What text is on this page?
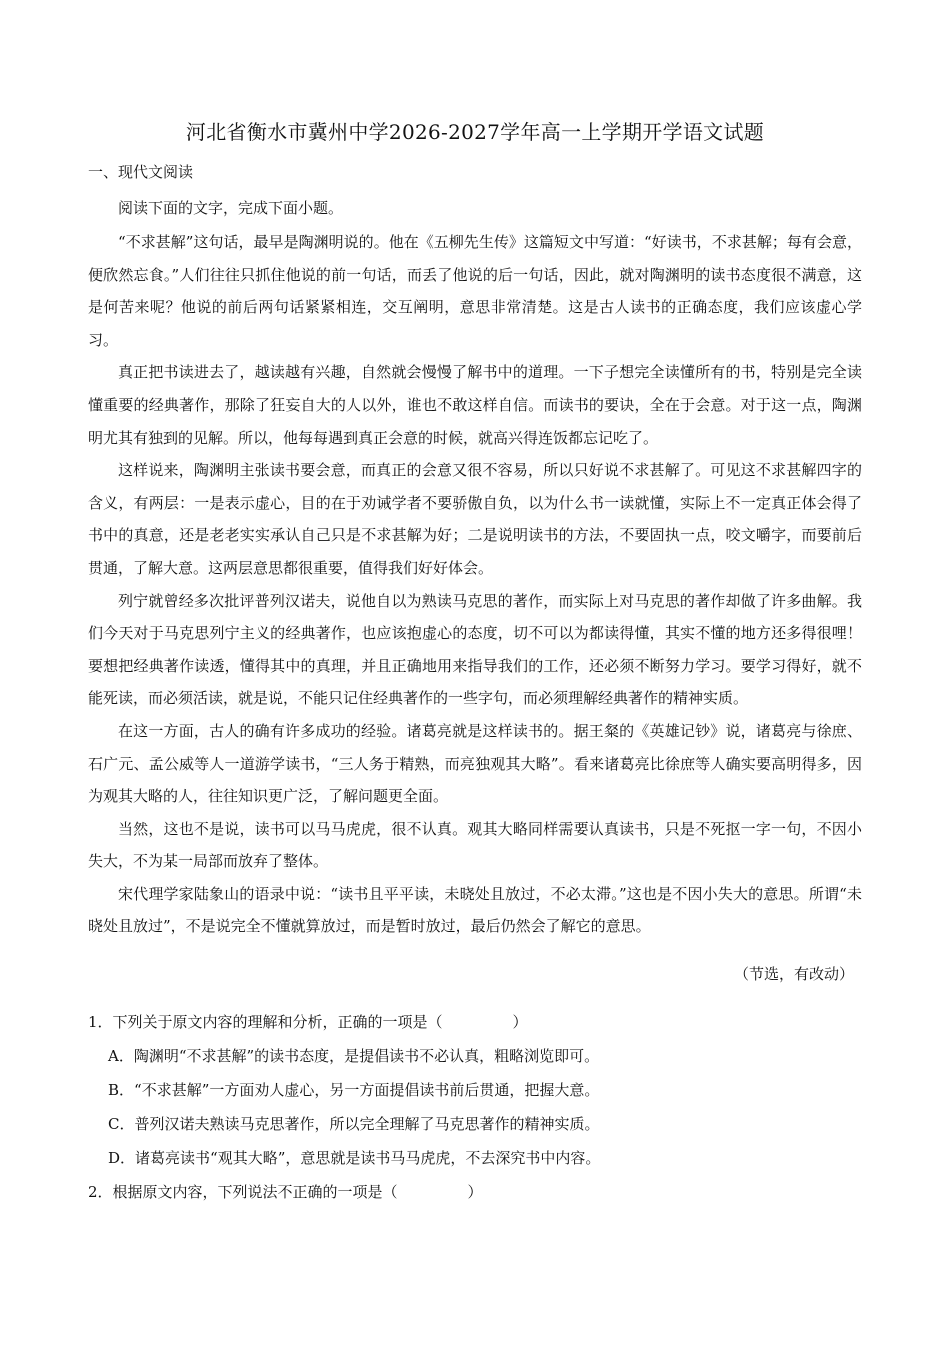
河北省衡水市冀州中学2026-2027学年高一上学期开学语文试题

一、现代文阅读

阅读下面的文字，完成下面小题。

“不求甚解”这句话，最早是陶渊明说的。他在《五柳先生传》这篇短文中写道：“好读书，不求甚解；每有会意，便欣然忘食。”人们往往只抓住他说的前一句话，而丢了他说的后一句话，因此，就对陶渊明的读书态度很不满意，这是何苦来呢？他说的前后两句话紧紧相连，交互阐明，意思非常清楚。这是古人读书的正确态度，我们应该虚心学习。

真正把书读进去了，越读越有兴趣，自然就会慢慢了解书中的道理。一下子想完全读懂所有的书，特别是完全读懂重要的经典著作，那除了狂妄自大的人以外，谁也不敢这样自信。而读书的要诀，全在于会意。对于这一点，陶渊明尤其有独到的见解。所以，他每每遇到真正会意的时候，就高兴得连饭都忘记吃了。

这样说来，陶渊明主张读书要会意，而真正的会意又很不容易，所以只好说不求甚解了。可见这不求甚解四字的含义，有两层：一是表示虚心，目的在于劝诫学者不要骄傲自负，以为什么书一读就懂，实际上不一定真正体会得了书中的真意，还是老老实实承认自己只是不求甚解为好；二是说明读书的方法，不要固执一点，咬文嚼字，而要前后贯通，了解大意。这两层意思都很重要，值得我们好好体会。

列宁就曾经多次批评普列汉诺夫，说他自以为熟读马克思的著作，而实际上对马克思的著作却做了许多曲解。我们今天对于马克思列宁主义的经典著作，也应该抱虚心的态度，切不可以为都读得懂，其实不懂的地方还多得很哩！要想把经典著作读透，懂得其中的真理，并且正确地用来指导我们的工作，还必须不断努力学习。要学习得好，就不能死读，而必须活读，就是说，不能只记住经典著作的一些字句，而必须理解经典著作的精神实质。

在这一方面，古人的确有许多成功的经验。诸葛亮就是这样读书的。据王粲的《英雄记钞》说，诸葛亮与徐庶、石广元、孟公威等人一道游学读书，“三人务于精熟，而亮独观其大略”。看来诸葛亮比徐庶等人确实要高明得多，因为观其大略的人，往往知识更广泛，了解问题更全面。

当然，这也不是说，读书可以马马虎虎，很不认真。观其大略同样需要认真读书，只是不死抠一字一句，不因小失大，不为某一局部而放弃了整体。

宋代理学家陆象山的语录中说：“读书且平平读，未晓处且放过，不必太滞。”这也是不因小失大的意思。所谓“未晓处且放过”，不是说完全不懂就算放过，而是暂时放过，最后仍然会了解它的意思。

（节选，有改动）

1．下列关于原文内容的理解和分析，正确的一项是（	）

A．陶渊明“不求甚解”的读书态度，是提倡读书不必认真，粗略浏览即可。

B．“不求甚解”一方面劝人虚心，另一方面提倡读书前后贯通，把握大意。

C．普列汉诺夫熟读马克思著作，所以完全理解了马克思著作的精神实质。

D．诸葛亮读书“观其大略”，意思就是读书马马虎虎，不去深究书中内容。

2．根据原文内容，下列说法不正确的一项是（	）
